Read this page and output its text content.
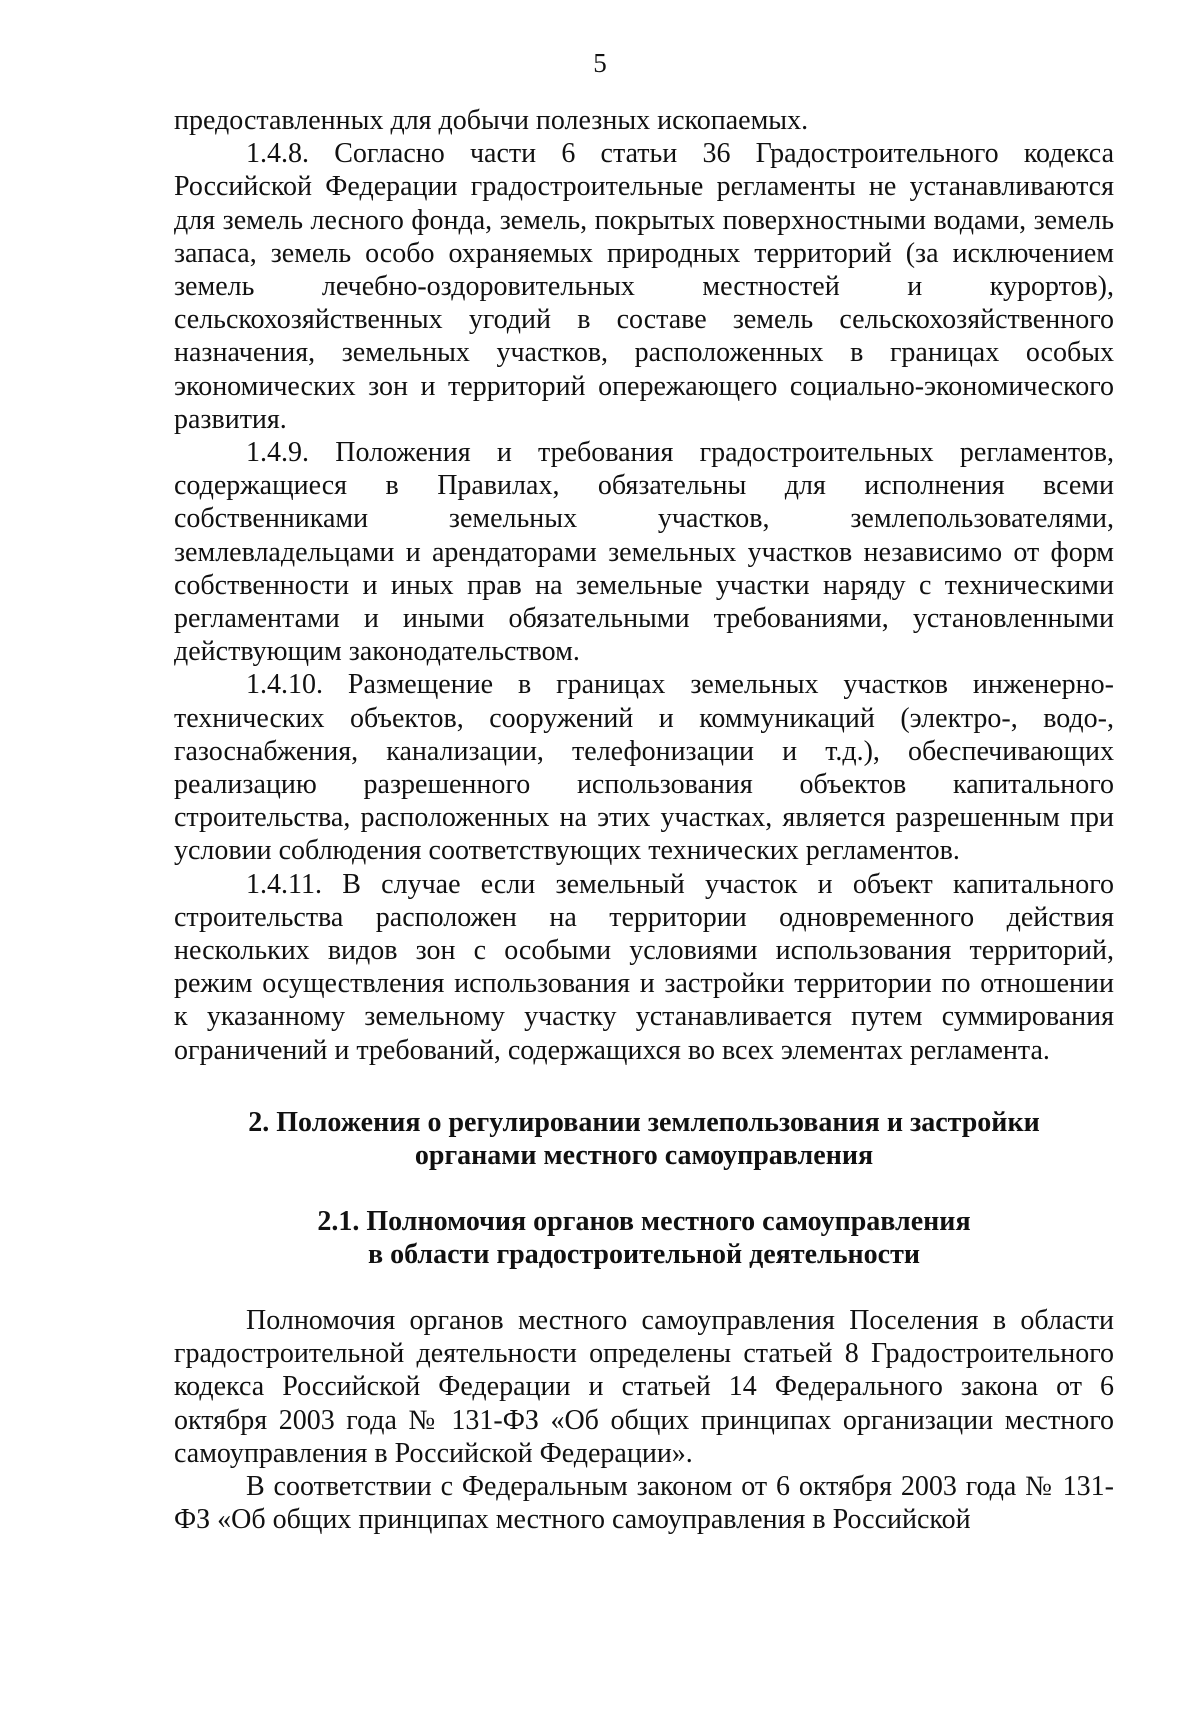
5

предоставленных для добычи полезных ископаемых.

1.4.8. Согласно части 6 статьи 36 Градостроительного кодекса Российской Федерации градостроительные регламенты не устанавливаются для земель лесного фонда, земель, покрытых поверхностными водами, земель запаса, земель особо охраняемых природных территорий (за исключением земель лечебно-оздоровительных местностей и курортов), сельскохозяйственных угодий в составе земель сельскохозяйственного назначения, земельных участков, расположенных в границах особых экономических зон и территорий опережающего социально-экономического развития.

1.4.9. Положения и требования градостроительных регламентов, содержащиеся в Правилах, обязательны для исполнения всеми собственниками земельных участков, землепользователями, землевладельцами и арендаторами земельных участков независимо от форм собственности и иных прав на земельные участки наряду с техническими регламентами и иными обязательными требованиями, установленными действующим законодательством.

1.4.10. Размещение в границах земельных участков инженерно-технических объектов, сооружений и коммуникаций (электро-, водо-, газоснабжения, канализации, телефонизации и т.д.), обеспечивающих реализацию разрешенного использования объектов капитального строительства, расположенных на этих участках, является разрешенным при условии соблюдения соответствующих технических регламентов.

1.4.11. В случае если земельный участок и объект капитального строительства расположен на территории одновременного действия нескольких видов зон с особыми условиями использования территорий, режим осуществления использования и застройки территории по отношении к указанному земельному участку устанавливается путем суммирования ограничений и требований, содержащихся во всех элементах регламента.

2. Положения о регулировании землепользования и застройки
органами местного самоуправления
2.1. Полномочия органов местного самоуправления
в области градостроительной деятельности

Полномочия органов местного самоуправления Поселения в области градостроительной деятельности определены статьей 8 Градостроительного кодекса Российской Федерации и статьей 14 Федерального закона от 6 октября 2003 года № 131-ФЗ «Об общих принципах организации местного самоуправления в Российской Федерации».

В соответствии с Федеральным законом от 6 октября 2003 года № 131-ФЗ «Об общих принципах местного самоуправления в Российской
